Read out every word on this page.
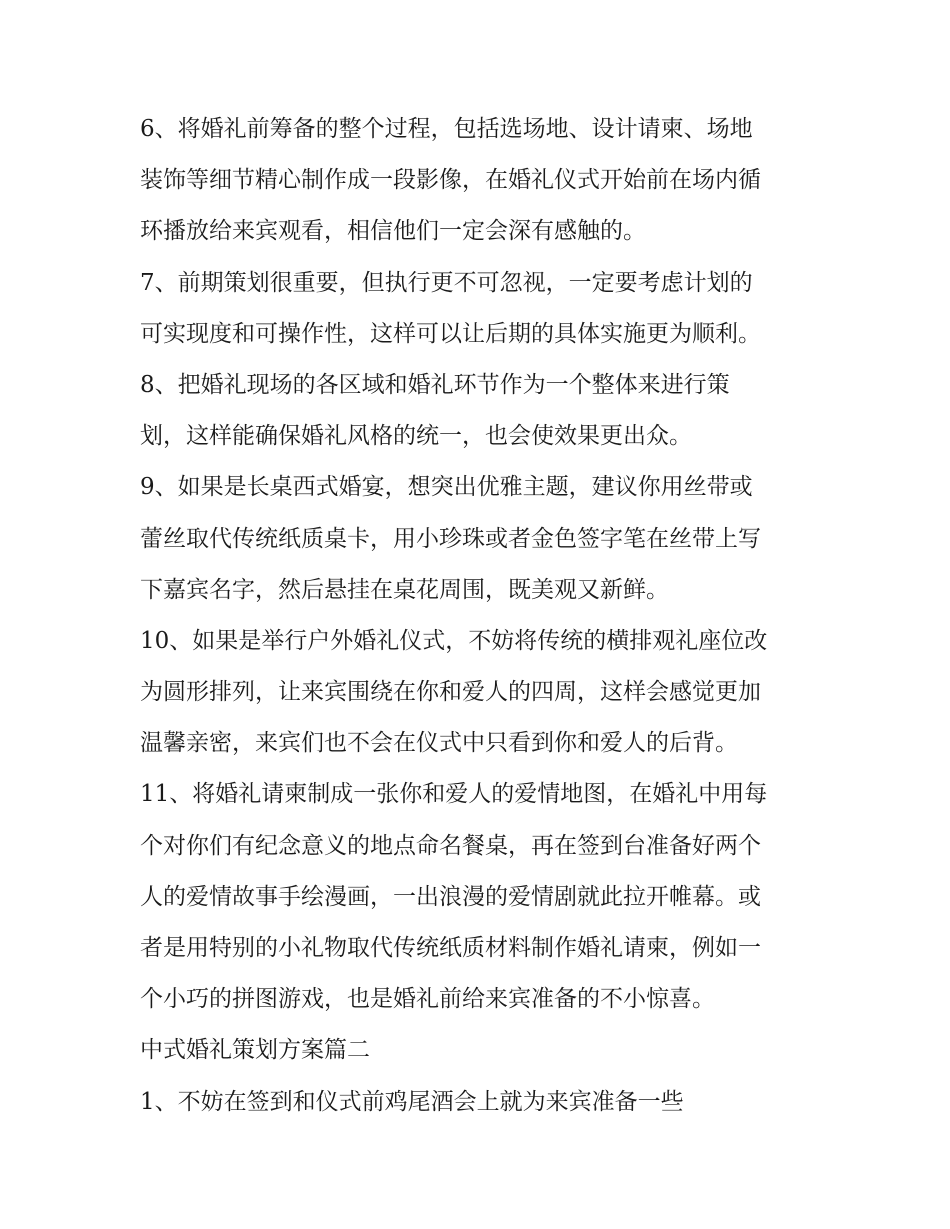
6、将婚礼前筹备的整个过程，包括选场地、设计请柬、场地
装饰等细节精心制作成一段影像，在婚礼仪式开始前在场内循
环播放给来宾观看，相信他们一定会深有感触的。

7、前期策划很重要，但执行更不可忽视，一定要考虑计划的
可实现度和可操作性，这样可以让后期的具体实施更为顺利。

8、把婚礼现场的各区域和婚礼环节作为一个整体来进行策
划，这样能确保婚礼风格的统一，也会使效果更出众。

9、如果是长桌西式婚宴，想突出优雅主题，建议你用丝带或
蕾丝取代传统纸质桌卡，用小珍珠或者金色签字笔在丝带上写
下嘉宾名字，然后悬挂在桌花周围，既美观又新鲜。

10、如果是举行户外婚礼仪式，不妨将传统的横排观礼座位改
为圆形排列，让来宾围绕在你和爱人的四周，这样会感觉更加
温馨亲密，来宾们也不会在仪式中只看到你和爱人的后背。

11、将婚礼请柬制成一张你和爱人的爱情地图，在婚礼中用每
个对你们有纪念意义的地点命名餐桌，再在签到台准备好两个
人的爱情故事手绘漫画，一出浪漫的爱情剧就此拉开帷幕。或
者是用特别的小礼物取代传统纸质材料制作婚礼请柬，例如一
个小巧的拼图游戏，也是婚礼前给来宾准备的不小惊喜。

中式婚礼策划方案篇二

1、不妨在签到和仪式前鸡尾酒会上就为来宾准备一些
